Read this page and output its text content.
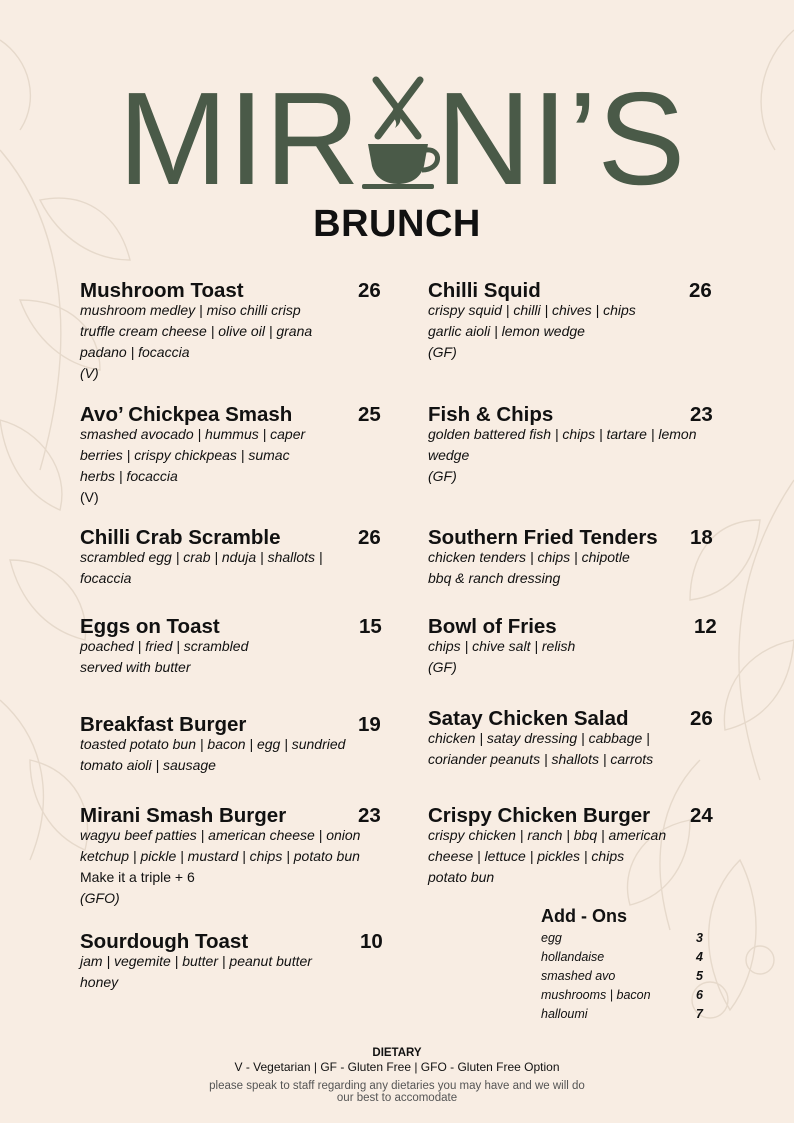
MIR NI’S
BRUNCH
Mushroom Toast	26
mushroom medley | miso chilli crisp
truffle cream cheese | olive oil | grana
padano | focaccia
(V)
Avo’ Chickpea Smash	25
smashed avocado | hummus | caper
berries | crispy chickpeas | sumac
herbs | focaccia
(V)
Chilli Crab Scramble	26
scrambled egg | crab | nduja | shallots |
focaccia
Eggs on Toast	15
poached | fried | scrambled
served with butter
Breakfast Burger	19
toasted potato bun | bacon | egg | sundried
tomato aioli | sausage
Mirani Smash Burger	23
wagyu beef patties | american cheese | onion
ketchup | pickle | mustard | chips | potato bun
Make it a triple + 6
(GFO)
Sourdough Toast	10
jam | vegemite | butter | peanut butter
honey
Chilli Squid	26
crispy squid | chilli | chives | chips
garlic aioli | lemon wedge
(GF)
Fish & Chips	23
golden battered fish | chips | tartare | lemon
wedge
(GF)
Southern Fried Tenders 18
chicken tenders | chips | chipotle
bbq & ranch dressing
Bowl of Fries	12
chips | chive salt | relish
(GF)
Satay Chicken Salad	26
chicken | satay dressing | cabbage |
coriander peanuts | shallots | carrots
Crispy Chicken Burger 24
crispy chicken | ranch | bbq | american
cheese | lettuce | pickles | chips
potato bun
Add - Ons
egg	3
hollandaise	4
smashed avo	5
mushrooms | bacon	6
halloumi	7
DIETARY
V - Vegetarian | GF - Gluten Free | GFO - Gluten Free Option
please speak to staff regarding any dietaries you may have and we will do
our best to accomodate
